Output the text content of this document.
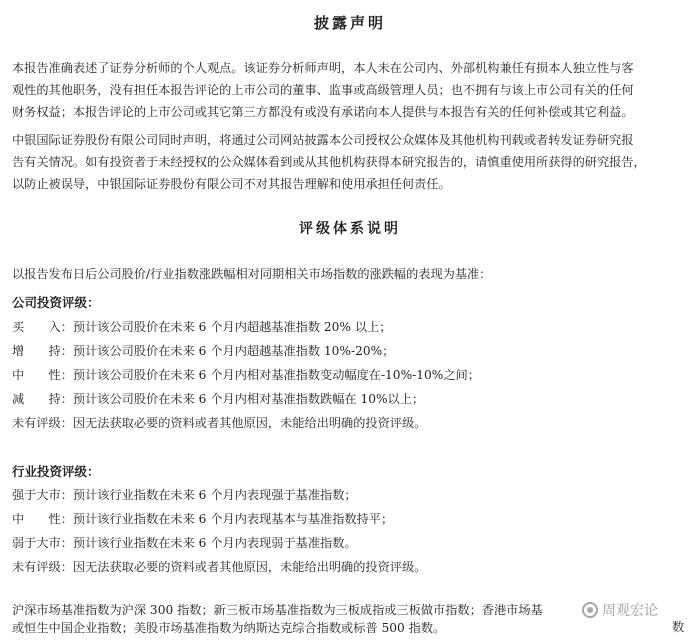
披露声明
本报告准确表述了证券分析师的个人观点。该证券分析师声明，本人未在公司内、外部机构兼任有损本人独立性与客
观性的其他职务，没有担任本报告评论的上市公司的董事、监事或高级管理人员；也不拥有与该上市公司有关的任何
财务权益；本报告评论的上市公司或其它第三方都没有或没有承诺向本人提供与本报告有关的任何补偿或其它利益。
中银国际证券股份有限公司同时声明，将通过公司网站披露本公司授权公众媒体及其他机构刊载或者转发证券研究报
告有关情况。如有投资者于未经授权的公众媒体看到或从其他机构获得本研究报告的，请慎重使用所获得的研究报告，
以防止被误导，中银国际证券股份有限公司不对其报告理解和使用承担任何责任。
评级体系说明
以报告发布日后公司股价/行业指数涨跌幅相对同期相关市场指数的涨跌幅的表现为基准：
公司投资评级：
买　　入：预计该公司股价在未来 6 个月内超越基准指数 20% 以上；
增　　持：预计该公司股价在未来 6 个月内超越基准指数 10%-20%；
中　　性：预计该公司股价在未来 6 个月内相对基准指数变动幅度在-10%-10%之间；
减　　持：预计该公司股价在未来 6 个月内相对基准指数跌幅在 10%以上；
未有评级：因无法获取必要的资料或者其他原因，未能给出明确的投资评级。
行业投资评级：
强于大市：预计该行业指数在未来 6 个月内表现强于基准指数；
中　　性：预计该行业指数在未来 6 个月内表现基本与基准指数持平；
弱于大市：预计该行业指数在未来 6 个月内表现弱于基准指数。
未有评级：因无法获取必要的资料或者其他原因，未能给出明确的投资评级。
沪深市场基准指数为沪深 300 指数；新三板市场基准指数为三板成指或三板做市指数；香港市场基
或恒生中国企业指数；美股市场基准指数为纳斯达克综合指数或标普 500 指数。
周观宏论
数
